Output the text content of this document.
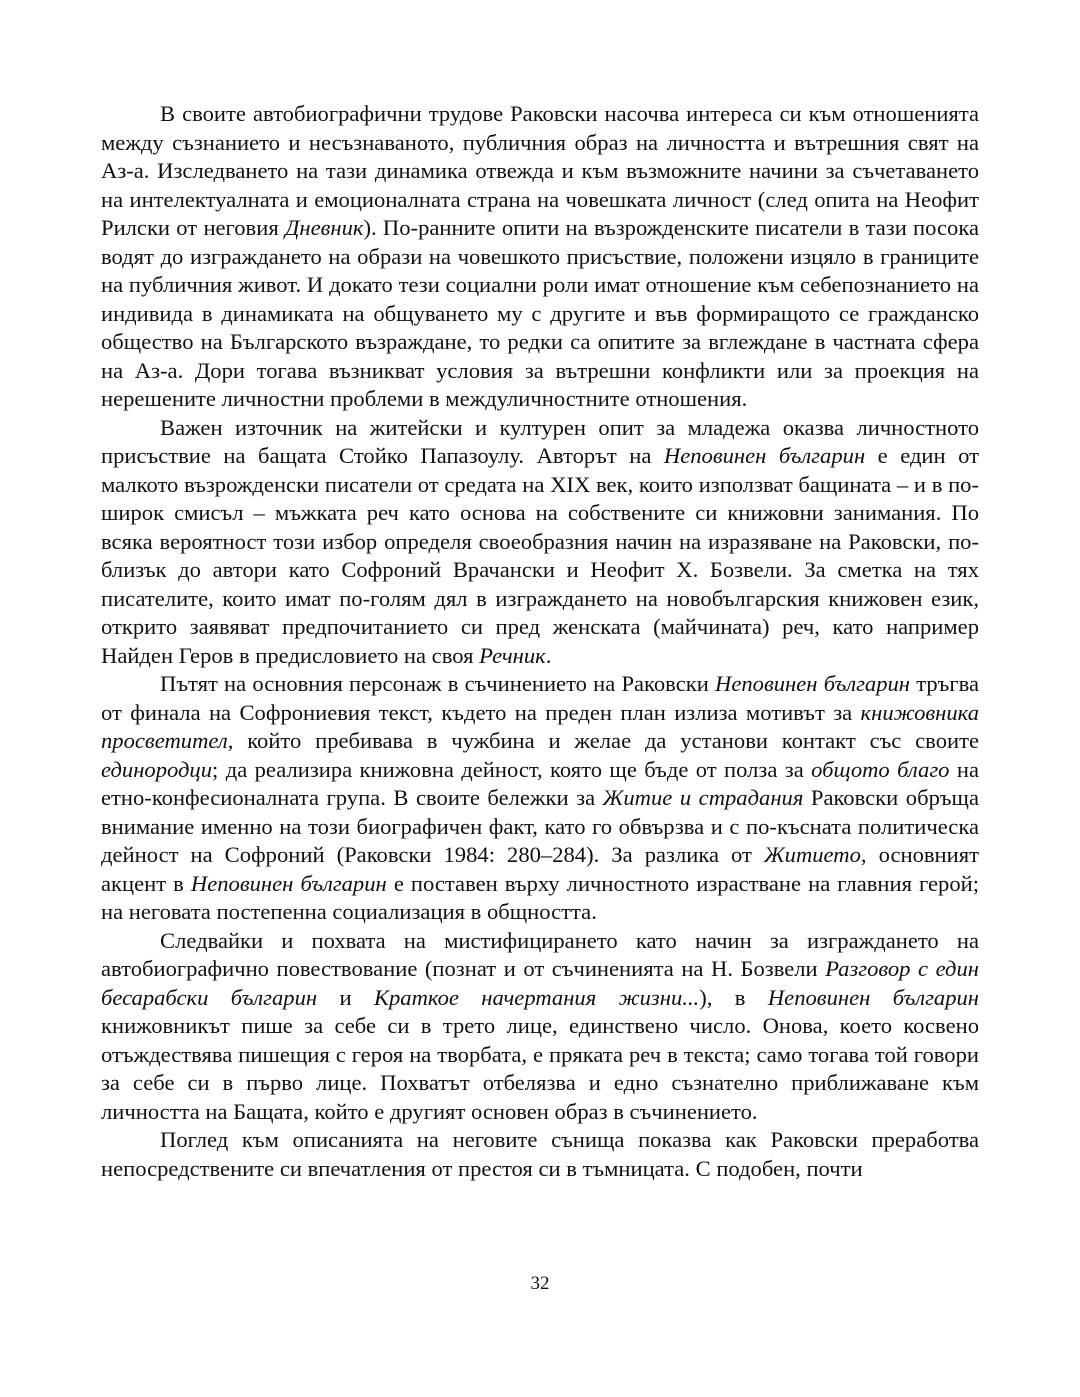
В своите автобиографични трудове Раковски насочва интереса си към отношенията между съзнанието и несъзнаваното, публичния образ на личността и вътрешния свят на Аз-а. Изследването на тази динамика отвежда и към възможните начини за съчетаването на интелектуалната и емоционалната страна на човешката личност (след опита на Неофит Рилски от неговия Дневник). По-ранните опити на възрожденските писатели в тази посока водят до изграждането на образи на човешкото присъствие, положени изцяло в границите на публичния живот. И докато тези социални роли имат отношение към себепознанието на индивида в динамиката на общуването му с другите и във формиращото се гражданско общество на Българското възраждане, то редки са опитите за вглеждане в частната сфера на Аз-а. Дори тогава възникват условия за вътрешни конфликти или за проекция на нерешените личностни проблеми в междуличностните отношения.

Важен източник на житейски и културен опит за младежа оказва личностното присъствие на бащата Стойко Папазоулу. Авторът на Неповинен българин е един от малкото възрожденски писатели от средата на XIX век, които използват бащината – и в по-широк смисъл – мъжката реч като основа на собствените си книжовни занимания. По всяка вероятност този избор определя своеобразния начин на изразяване на Раковски, по-близък до автори като Софроний Врачански и Неофит Х. Бозвели. За сметка на тях писателите, които имат по-голям дял в изграждането на новобългарския книжовен език, открито заявяват предпочитанието си пред женската (майчината) реч, като например Найден Геров в предисловието на своя Речник.

Пътят на основния персонаж в съчинението на Раковски Неповинен българин тръгва от финала на Софрониевия текст, където на преден план излиза мотивът за книжовника просветител, който пребивава в чужбина и желае да установи контакт със своите единородци; да реализира книжовна дейност, която ще бъде от полза за общото благо на етно-конфесионалната група. В своите бележки за Житие и страдания Раковски обръща внимание именно на този биографичен факт, като го обвързва и с по-късната политическа дейност на Софроний (Раковски 1984: 280–284). За разлика от Житието, основният акцент в Неповинен българин е поставен върху личностното израстване на главния герой; на неговата постепенна социализация в общността.

Следвайки и похвата на мистифицирането като начин за изграждането на автобиографично повествование (познат и от съчиненията на Н. Бозвели Разговор с един бесарабски българин и Краткое начертания жизни...), в Неповинен българин книжовникът пише за себе си в трето лице, единствено число. Онова, което косвено отъждествява пишещия с героя на творбата, е пряката реч в текста; само тогава той говори за себе си в първо лице. Похватът отбелязва и едно съзнателно приближаване към личността на Бащата, който е другият основен образ в съчинението.

Поглед към описанията на неговите сънища показва как Раковски преработва непосредствените си впечатления от престоя си в тъмницата. С подобен, почти

32
